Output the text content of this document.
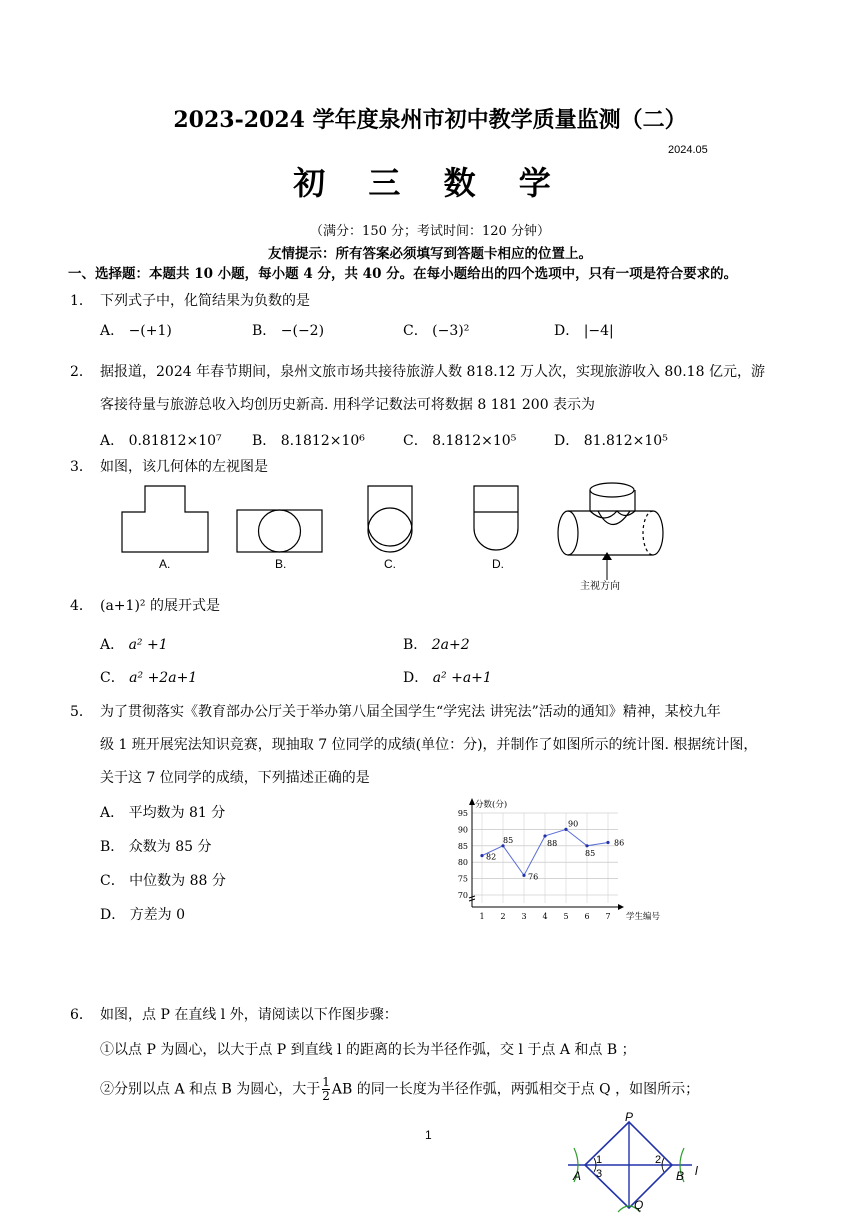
2023-2024 学年度泉州市初中教学质量监测（二）
2024.05
初 三 数 学
（满分：150 分；考试时间：120 分钟）
友情提示：所有答案必须填写到答题卡相应的位置上。
一、选择题：本题共 10 小题，每小题 4 分，共 40 分。在每小题给出的四个选项中，只有一项是符合要求的。
1． 下列式子中，化简结果为负数的是
A． −(+1)	B． −(−2)	C． (−3)²	D． |−4|
2． 据报道，2024 年春节期间，泉州文旅市场共接待旅游人数 818.12 万人次，实现旅游收入 80.18 亿元，游
客接待量与旅游总收入均创历史新高. 用科学记数法可将数据 8 181 200 表示为
A． 0.81812×10⁷ B． 8.1812×10⁶	C． 8.1812×10⁵	D． 81.812×10⁵
3． 如图，该几何体的左视图是
A.	B.	C.	D.
主视方向
4． (a+1)² 的展开式是
A． a² +1	B． 2a+2
C． a² +2a+1	D． a² +a+1
5． 为了贯彻落实《教育部办公厅关于举办第八届全国学生“学宪法 讲宪法”活动的通知》精神，某校九年
级 1 班开展宪法知识竞赛，现抽取 7 位同学的成绩(单位：分)，并制作了如图所示的统计图. 根据统计图，
关于这 7 位同学的成绩，下列描述正确的是
A． 平均数为 81 分
B． 众数为 85 分
C． 中位数为 88 分
D． 方差为 0
70
75
80
85
90
95
1 2 3 4 5 6 7
分数(分)
学生编号
82
85
76
88
90
85
86
6． 如图，点 P 在直线 l 外，请阅读以下作图步骤：
①以点 P 为圆心，以大于点 P 到直线 l 的距离的长为半径作弧，交 l 于点 A 和点 B ；
②分别以点 A 和点 B 为圆心，大于 $\frac{1}{2}$ AB 的同一长度为半径作弧，两弧相交于点 Q ，如图所示；
1
P
A	B
Q
l
1	2
3
